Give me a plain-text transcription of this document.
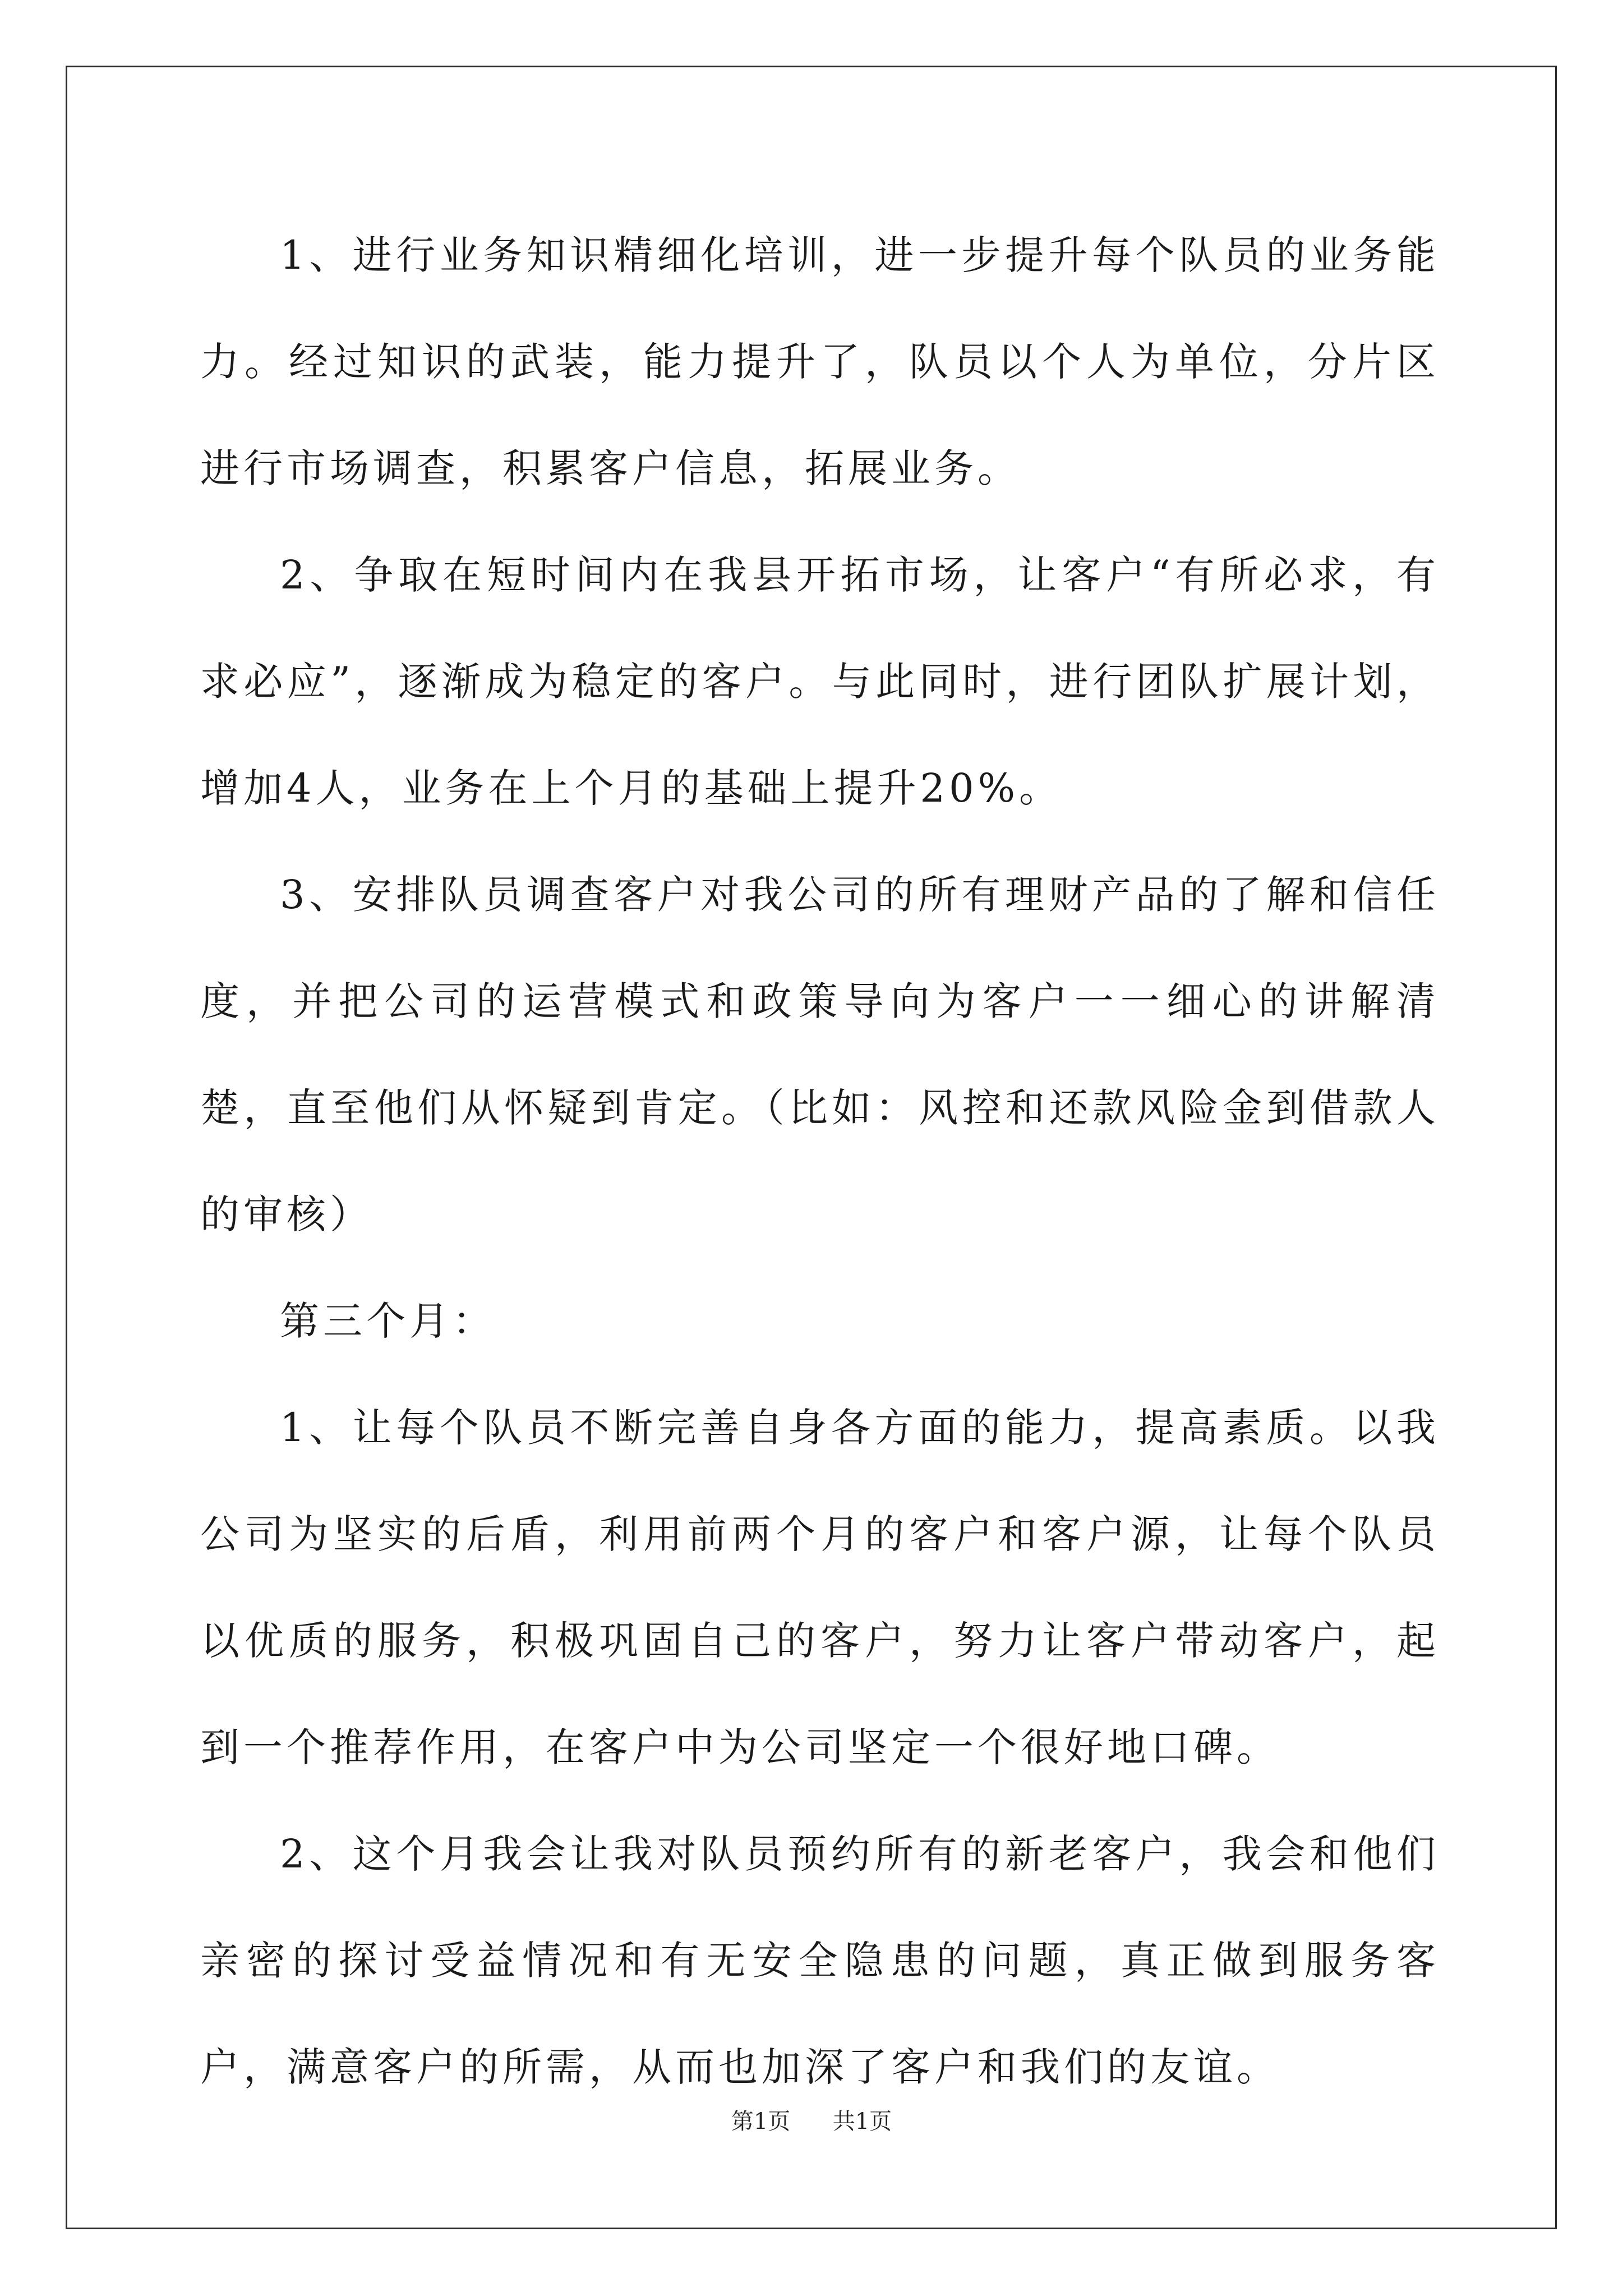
1、进行业务知识精细化培训，进一步提升每个队员的业务能力。经过知识的武装，能力提升了，队员以个人为单位，分片区进行市场调查，积累客户信息，拓展业务。

2、争取在短时间内在我县开拓市场，让客户“有所必求，有求必应”，逐渐成为稳定的客户。与此同时，进行团队扩展计划，增加4人，业务在上个月的基础上提升20%。

3、安排队员调查客户对我公司的所有理财产品的了解和信任度，并把公司的运营模式和政策导向为客户一一细心的讲解清楚，直至他们从怀疑到肯定。（比如：风控和还款风险金到借款人的审核）

第三个月：

1、让每个队员不断完善自身各方面的能力，提高素质。以我公司为坚实的后盾，利用前两个月的客户和客户源，让每个队员以优质的服务，积极巩固自己的客户，努力让客户带动客户，起到一个推荐作用，在客户中为公司坚定一个很好地口碑。

2、这个月我会让我对队员预约所有的新老客户，我会和他们亲密的探讨受益情况和有无安全隐患的问题，真正做到服务客户，满意客户的所需，从而也加深了客户和我们的友谊。

第1页 共1页
